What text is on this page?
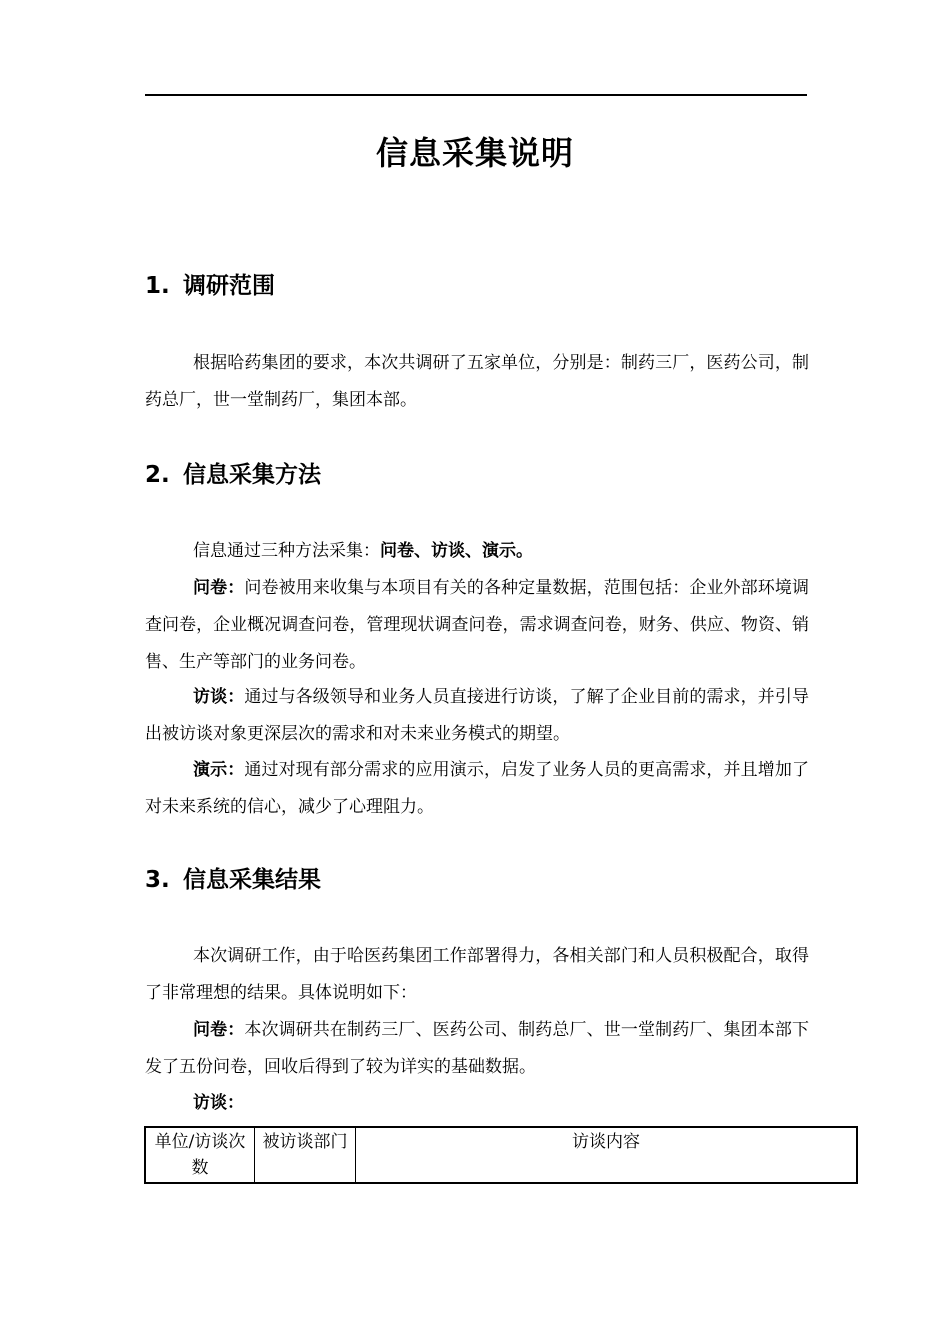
信息采集说明
1. 调研范围

根据哈药集团的要求，本次共调研了五家单位，分别是：制药三厂，医药公司，制药总厂，世一堂制药厂，集团本部。

2. 信息采集方法

信息通过三种方法采集：问卷、访谈、演示。

问卷：问卷被用来收集与本项目有关的各种定量数据，范围包括：企业外部环境调查问卷，企业概况调查问卷，管理现状调查问卷，需求调查问卷，财务、供应、物资、销售、生产等部门的业务问卷。

访谈：通过与各级领导和业务人员直接进行访谈，了解了企业目前的需求，并引导出被访谈对象更深层次的需求和对未来业务模式的期望。

演示：通过对现有部分需求的应用演示，启发了业务人员的更高需求，并且增加了对未来系统的信心，减少了心理阻力。

3. 信息采集结果

本次调研工作，由于哈医药集团工作部署得力，各相关部门和人员积极配合，取得了非常理想的结果。具体说明如下：

问卷：本次调研共在制药三厂、医药公司、制药总厂、世一堂制药厂、集团本部下发了五份问卷，回收后得到了较为详实的基础数据。

访谈：

单位/访谈次数	被访谈部门	访谈内容
